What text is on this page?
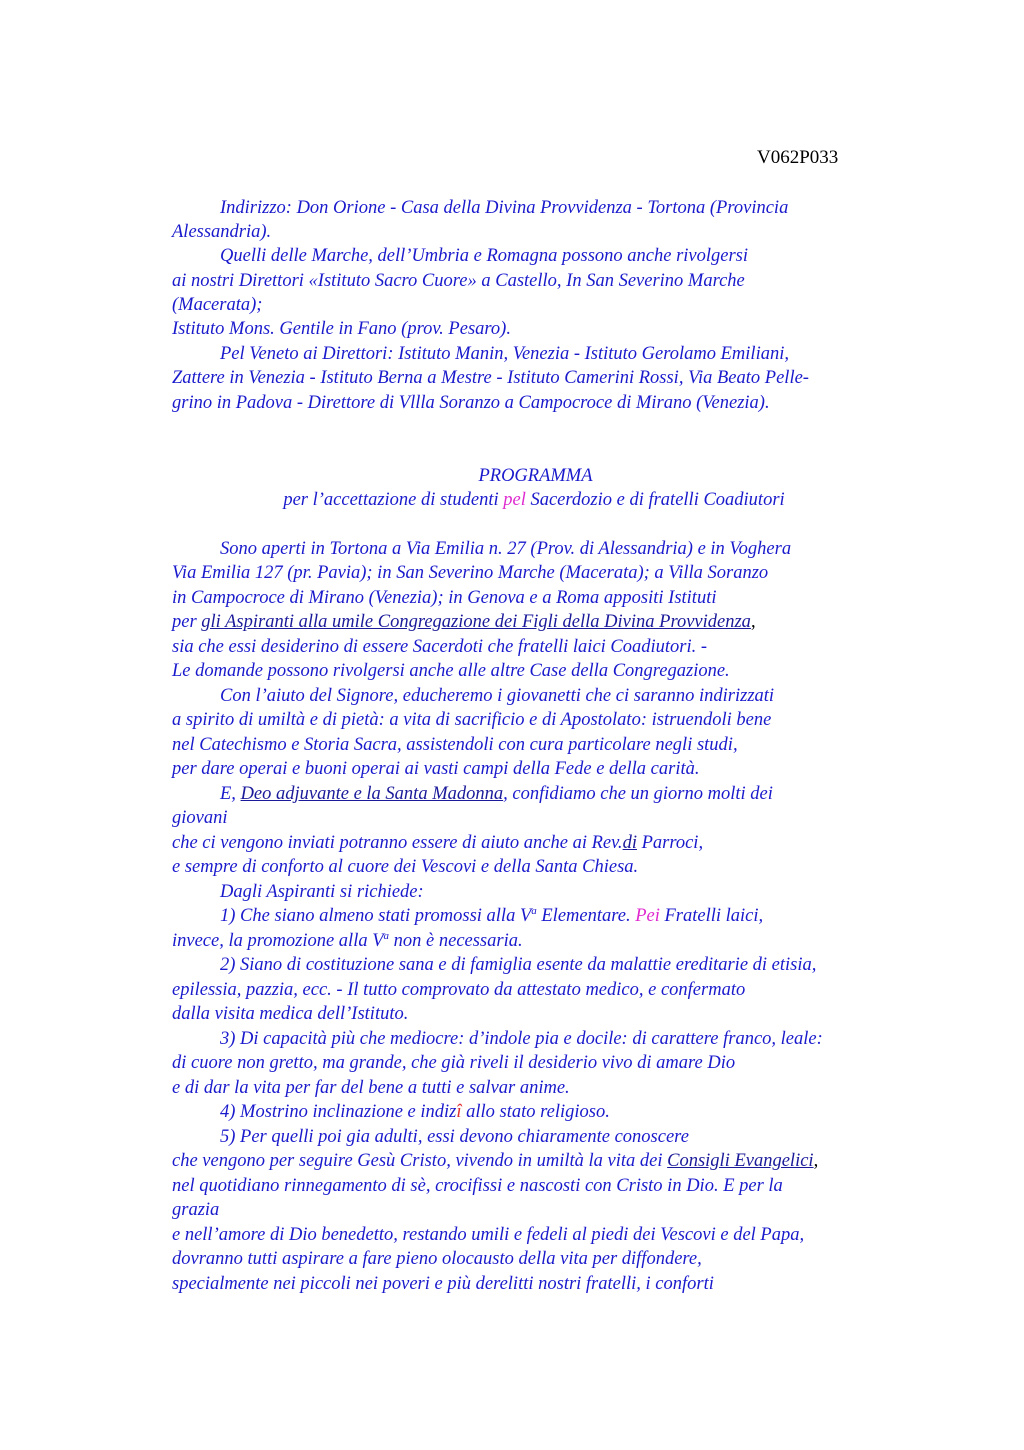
V062P033
Indirizzo: Don Orione - Casa della Divina Provvidenza - Tortona (Provincia
Alessandria).
Quelli delle Marche, dell’Umbria e Romagna possono anche rivolgersi
ai nostri Direttori «Istituto Sacro Cuore» a Castello, In San Severino Marche
(Macerata);
Istituto Mons. Gentile in Fano (prov. Pesaro).
Pel Veneto ai Direttori: Istituto Manin, Venezia - Istituto Gerolamo Emiliani,
Zattere in Venezia - Istituto Berna a Mestre - Istituto Camerini Rossi, Via Beato Pelle-
grino in Padova - Direttore di Vllla Soranzo a Campocroce di Mirano (Venezia).
PROGRAMMA
per l’accettazione di studenti pel Sacerdozio e di fratelli Coadiutori
Sono aperti in Tortona a Via Emilia n. 27 (Prov. di Alessandria) e in Voghera
Via Emilia 127 (pr. Pavia); in San Severino Marche (Macerata); a Villa Soranzo
in Campocroce di Mirano (Venezia); in Genova e a Roma appositi Istituti
per gli Aspiranti alla umile Congregazione dei Figli della Divina Provvidenza,
sia che essi desiderino di essere Sacerdoti che fratelli laici Coadiutori. -
Le domande possono rivolgersi anche alle altre Case della Congregazione.
Con l’aiuto del Signore, educheremo i giovanetti che ci saranno indirizzati
a spirito di umiltà e di pietà: a vita di sacrificio e di Apostolato: istruendoli bene
nel Catechismo e Storia Sacra, assistendoli con cura particolare negli studi,
per dare operai e buoni operai ai vasti campi della Fede e della carità.
E, Deo adjuvante e la Santa Madonna, confidiamo che un giorno molti dei
giovani
che ci vengono inviati potranno essere di aiuto anche ai Rev.di Parroci,
e sempre di conforto al cuore dei Vescovi e della Santa Chiesa.
Dagli Aspiranti si richiede:
1) Che siano almeno stati promossi alla $V^a$ Elementare. Pei Fratelli laici,
invece, la promozione alla $V^a$ non è necessaria.
2) Siano di costituzione sana e di famiglia esente da malattie ereditarie di etisia,
epilessia, pazzia, ecc. - Il tutto comprovato da attestato medico, e confermato
dalla visita medica dell’Istituto.
3) Di capacità più che mediocre: d’indole pia e docile: di carattere franco, leale:
di cuore non gretto, ma grande, che già riveli il desiderio vivo di amare Dio
e di dar la vita per far del bene a tutti e salvar anime.
4) Mostrino inclinazione e indizî allo stato religioso.
5) Per quelli poi gia adulti, essi devono chiaramente conoscere
che vengono per seguire Gesù Cristo, vivendo in umiltà la vita dei Consigli Evangelici,
nel quotidiano rinnegamento di sè, crocifissi e nascosti con Cristo in Dio. E per la
grazia
e nell’amore di Dio benedetto, restando umili e fedeli al piedi dei Vescovi e del Papa,
dovranno tutti aspirare a fare pieno olocausto della vita per diffondere,
specialmente nei piccoli nei poveri e più derelitti nostri fratelli, i conforti
